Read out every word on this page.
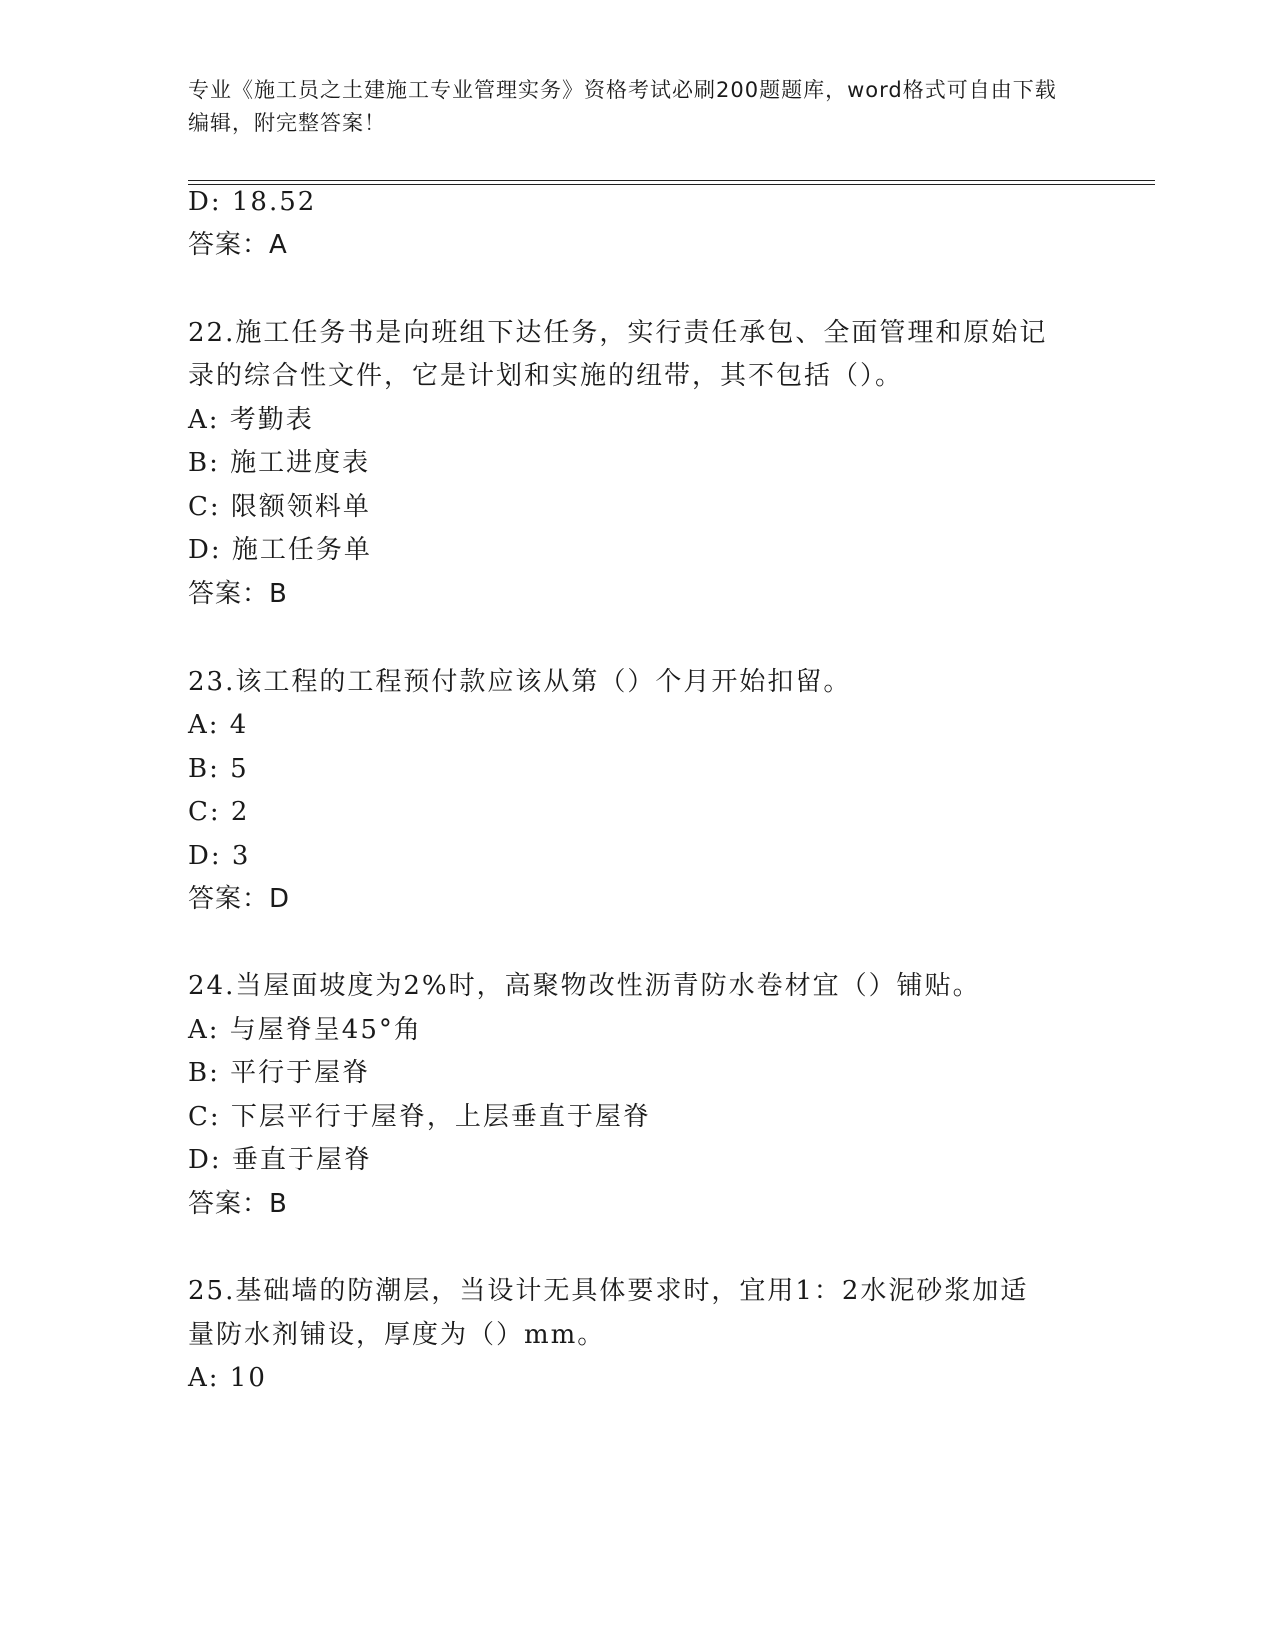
专业《施工员之土建施工专业管理实务》资格考试必刷200题题库，word格式可自由下载编辑，附完整答案！
D: 18.52
答案：A
22.施工任务书是向班组下达任务，实行责任承包、全面管理和原始记
录的综合性文件，它是计划和实施的纽带，其不包括（）。
A: 考勤表
B: 施工进度表
C: 限额领料单
D: 施工任务单
答案：B
23.该工程的工程预付款应该从第（）个月开始扣留。
A: 4
B: 5
C: 2
D: 3
答案：D
24.当屋面坡度为2%时，高聚物改性沥青防水卷材宜（）铺贴。
A: 与屋脊呈45°角
B: 平行于屋脊
C: 下层平行于屋脊，上层垂直于屋脊
D: 垂直于屋脊
答案：B
25.基础墙的防潮层，当设计无具体要求时，宜用1：2水泥砂浆加适
量防水剂铺设，厚度为（）mm。
A: 10
